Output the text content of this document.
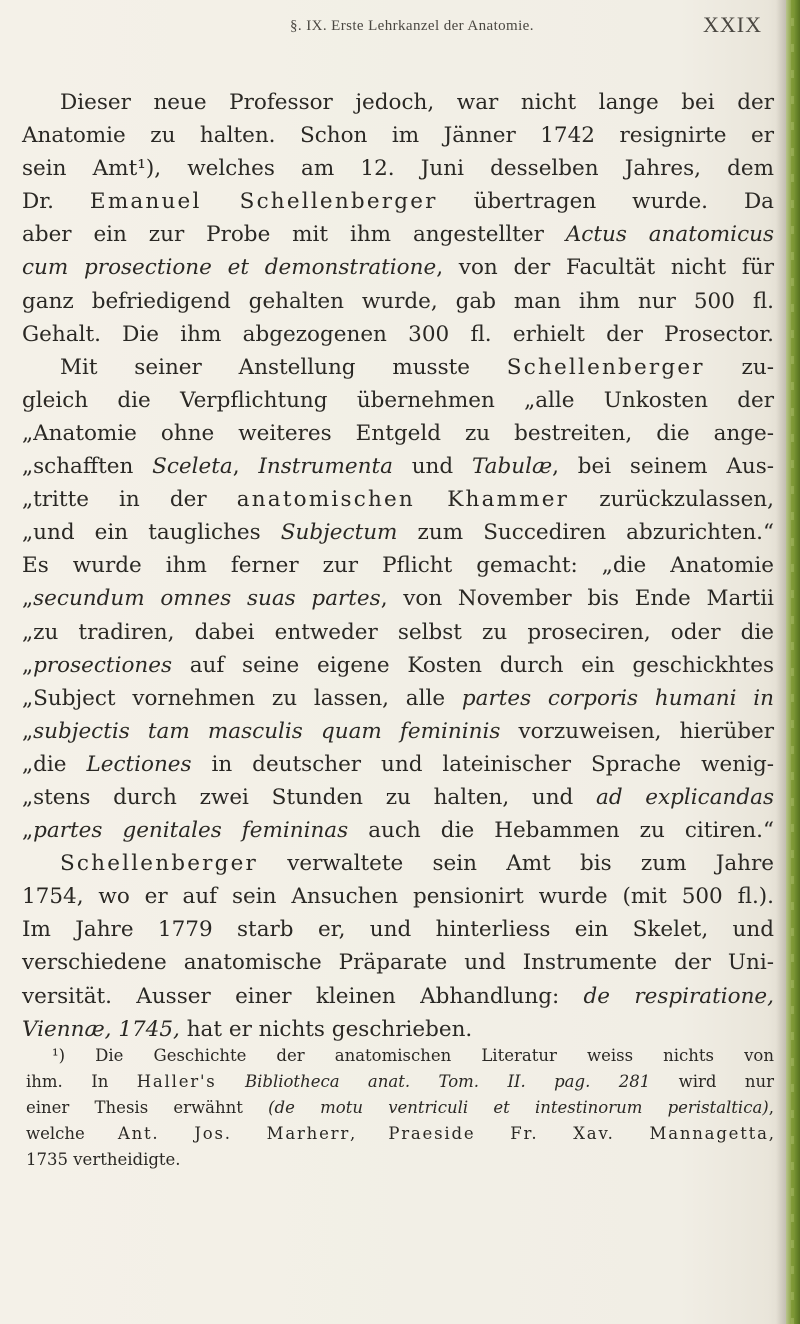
§. IX. Erste Lehrkanzel der Anatomie.	XXIX
Dieser neue Professor jedoch, war nicht lange bei der
Anatomie zu halten. Schon im Jänner 1742 resignirte er
sein Amt¹), welches am 12. Juni desselben Jahres, dem
Dr. Emanuel Schellenberger übertragen wurde. Da
aber ein zur Probe mit ihm angestellter Actus anatomicus
cum prosectione et demonstratione, von der Facultät nicht für
ganz befriedigend gehalten wurde, gab man ihm nur 500 fl.
Gehalt. Die ihm abgezogenen 300 fl. erhielt der Prosector.
Mit seiner Anstellung musste Schellenberger zu-
gleich die Verpflichtung übernehmen „alle Unkosten der
„Anatomie ohne weiteres Entgeld zu bestreiten, die ange-
„schafften Sceleta, Instrumenta und Tabulæ, bei seinem Aus-
„tritte in der anatomischen Khammer zurückzulassen,
„und ein taugliches Subjectum zum Succediren abzurichten.“
Es wurde ihm ferner zur Pflicht gemacht: „die Anatomie
„secundum omnes suas partes, von November bis Ende Martii
„zu tradiren, dabei entweder selbst zu proseciren, oder die
„prosectiones auf seine eigene Kosten durch ein geschickhtes
„Subject vornehmen zu lassen, alle partes corporis humani in
„subjectis tam masculis quam femininis vorzuweisen, hierüber
„die Lectiones in deutscher und lateinischer Sprache wenig-
„stens durch zwei Stunden zu halten, und ad explicandas
„partes genitales femininas auch die Hebammen zu citiren.“
Schellenberger verwaltete sein Amt bis zum Jahre
1754, wo er auf sein Ansuchen pensionirt wurde (mit 500 fl.).
Im Jahre 1779 starb er, und hinterliess ein Skelet, und
verschiedene anatomische Präparate und Instrumente der Uni-
versität. Ausser einer kleinen Abhandlung: de respiratione,
Viennæ, 1745, hat er nichts geschrieben.
¹) Die Geschichte der anatomischen Literatur weiss nichts von
ihm. In Haller's Bibliotheca anat. Tom. II. pag. 281 wird nur
einer Thesis erwähnt (de motu ventriculi et intestinorum peristaltica),
welche Ant. Jos. Marherr, Praeside Fr. Xav. Mannagetta,
1735 vertheidigte.
